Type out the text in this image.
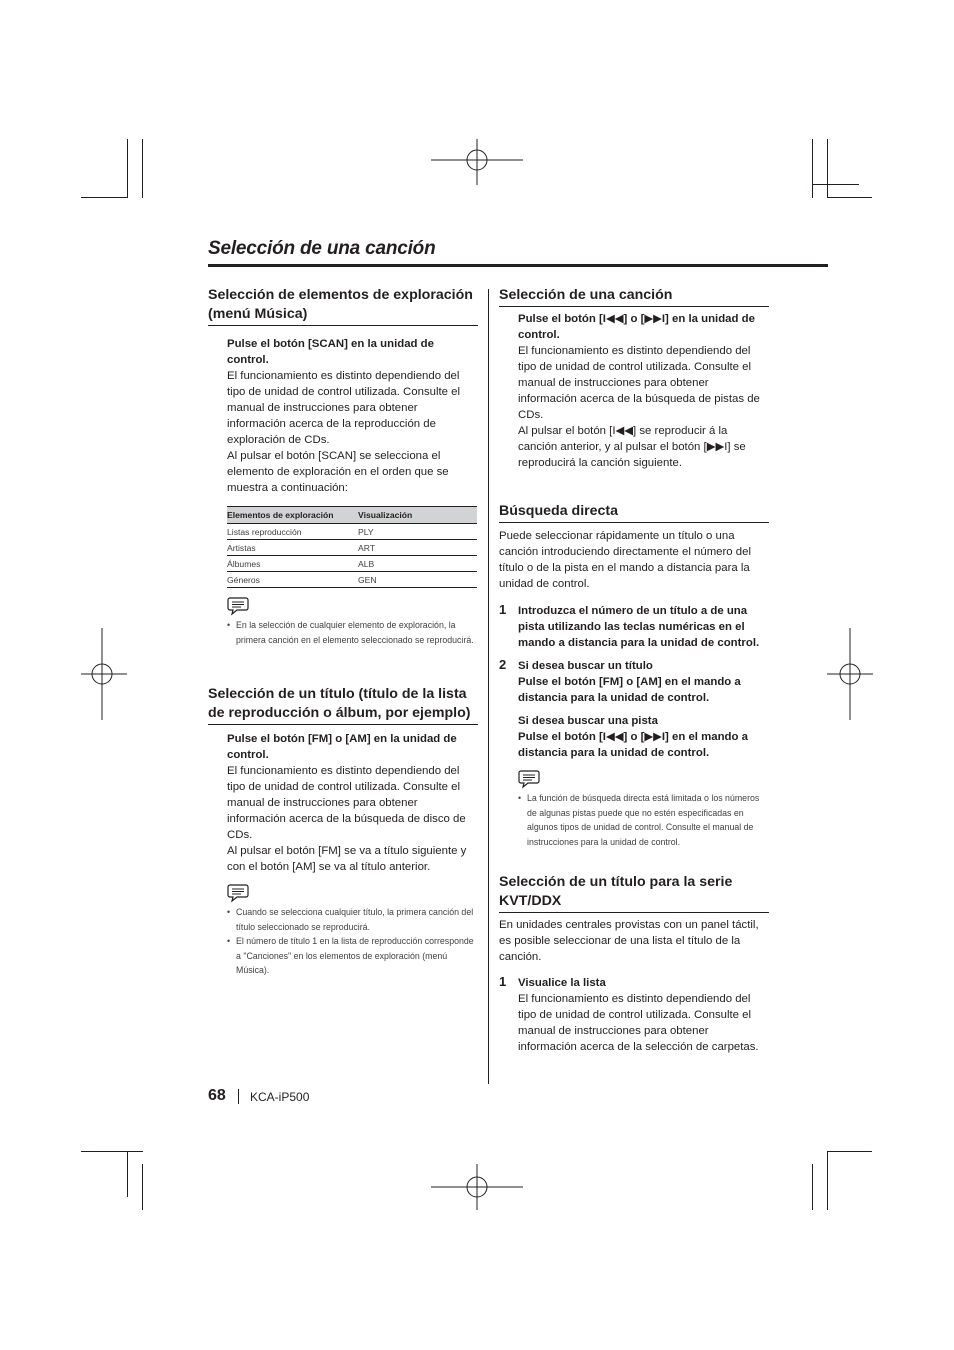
Selección de una canción
Selección de elementos de exploración (menú Música)

Pulse el botón [SCAN] en la unidad de control.

El funcionamiento es distinto dependiendo del tipo de unidad de control utilizada. Consulte el manual de instrucciones para obtener información acerca de la reproducción de exploración de CDs.

Al pulsar el botón [SCAN] se selecciona el elemento de exploración en el orden que se muestra a continuación:

Elementos de exploración	Visualización
Listas reproducción	PLY
Artistas	ART
Álbumes	ALB
Géneros	GEN
• En la selección de cualquier elemento de exploración, la primera canción en el elemento seleccionado se reproducirá.
Selección de un título (título de la lista de reproducción o álbum, por ejemplo)

Pulse el botón [FM] o [AM] en la unidad de control.

El funcionamiento es distinto dependiendo del tipo de unidad de control utilizada. Consulte el manual de instrucciones para obtener información acerca de la búsqueda de disco de CDs.

Al pulsar el botón [FM] se va a título siguiente y con el botón [AM] se va al título anterior.

• Cuando se selecciona cualquier título, la primera canción del título seleccionado se reproducirá.
• El número de título 1 en la lista de reproducción corresponde a "Canciones" en los elementos de exploración (menú Música).
Selección de una canción

Pulse el botón [I◀◀] o [▶▶I] en la unidad de control.

El funcionamiento es distinto dependiendo del tipo de unidad de control utilizada. Consulte el manual de instrucciones para obtener información acerca de la búsqueda de pistas de CDs.

Al pulsar el botón [I◀◀] se reproducir á la canción anterior, y al pulsar el botón [▶▶I] se reproducirá la canción siguiente.

Búsqueda directa

Puede seleccionar rápidamente un título o una canción introduciendo directamente el número del título o de la pista en el mando a distancia para la unidad de control.

1 Introduzca el número de un título a de una pista utilizando las teclas numéricas en el mando a distancia para la unidad de control.

2 Si desea buscar un título

Pulse el botón [FM] o [AM] en el mando a distancia para la unidad de control.

Si desea buscar una pista

Pulse el botón [I◀◀] o [▶▶I] en el mando a distancia para la unidad de control.

• La función de búsqueda directa está limitada o los números de algunas pistas puede que no estén especificadas en algunos tipos de unidad de control. Consulte el manual de instrucciones para la unidad de control.
Selección de un título para la serie KVT/DDX

En unidades centrales provistas con un panel táctil, es posible seleccionar de una lista el título de la canción.

1 Visualice la lista

El funcionamiento es distinto dependiendo del tipo de unidad de control utilizada. Consulte el manual de instrucciones para obtener información acerca de la selección de carpetas.

68 KCA-iP500
